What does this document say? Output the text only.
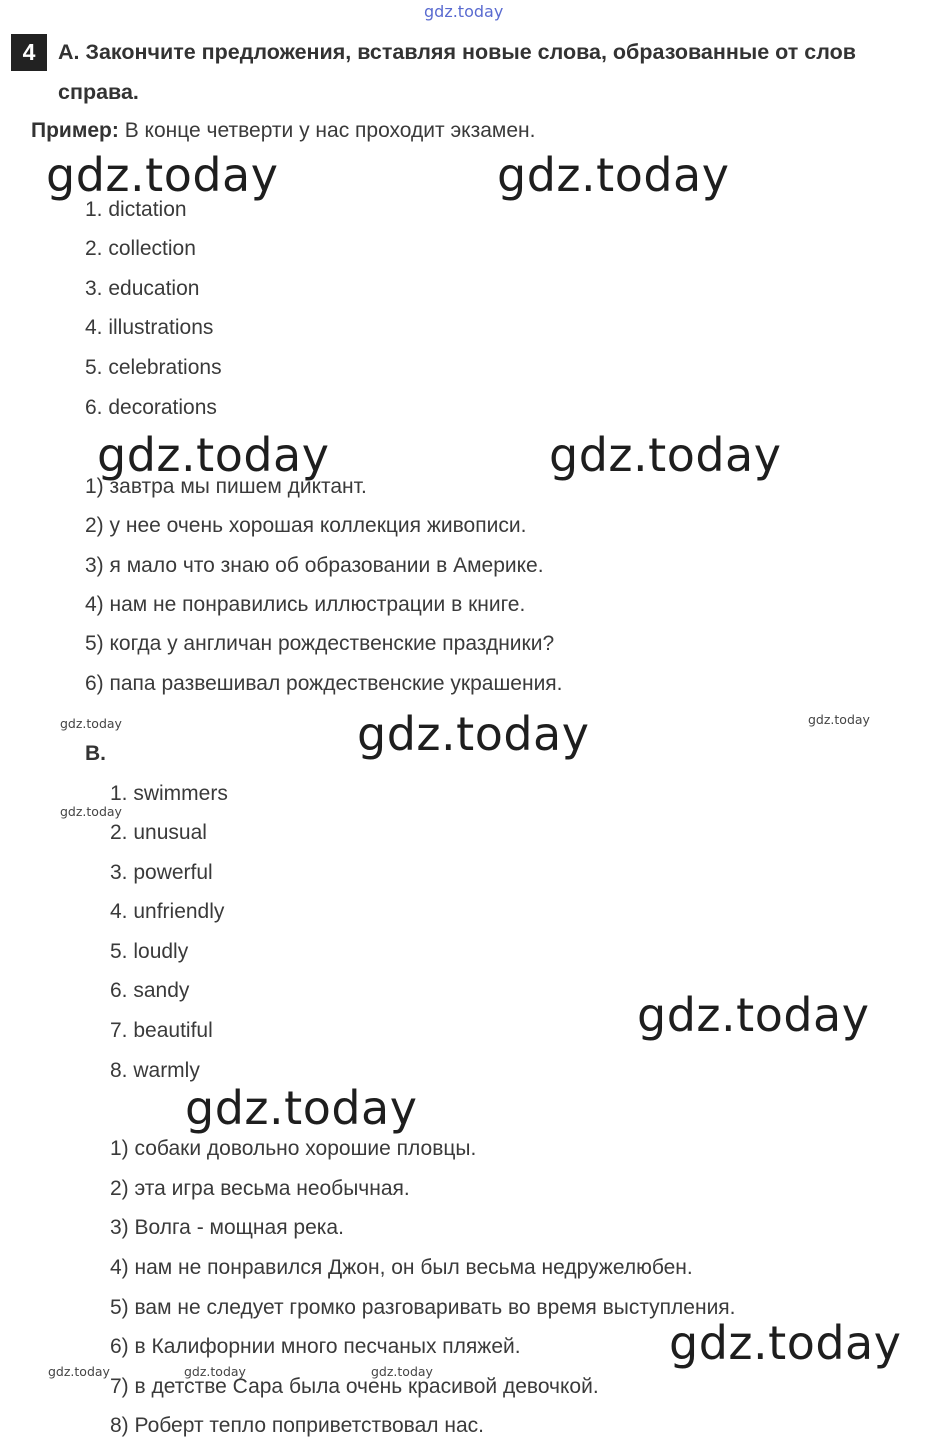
gdz.today
4	A. Закончите предложения, вставляя новые слова, образованные от слов
справа.
Пример: В конце четверти у нас проходит экзамен.
gdz.today	gdz.today
1. dictation
2. collection
3. education
4. illustrations
5. celebrations
6. decorations
gdz.today	gdz.today
1) завтра мы пишем диктант.
2) у нее очень хорошая коллекция живописи.
3) я мало что знаю об образовании в Америке.
4) нам не понравились иллюстрации в книге.
5) когда у англичан рождественские праздники?
6) папа развешивал рождественские украшения.
gdz.today	gdz.today
gdz.today
B.
1. swimmers
gdz.today
2. unusual
3. powerful
4. unfriendly
5. loudly
6. sandy
7. beautiful
8. warmly
gdz.today
gdz.today
1) собаки довольно хорошие пловцы.
2) эта игра весьма необычная.
3) Волга - мощная река.
4) нам не понравился Джон, он был весьма недружелюбен.
5) вам не следует громко разговаривать во время выступления.
6) в Калифорнии много песчаных пляжей.
7) в детстве Сара была очень красивой девочкой.
8) Роберт тепло поприветствовал нас.
gdz.today
gdz.today	gdz.today	gdz.today
